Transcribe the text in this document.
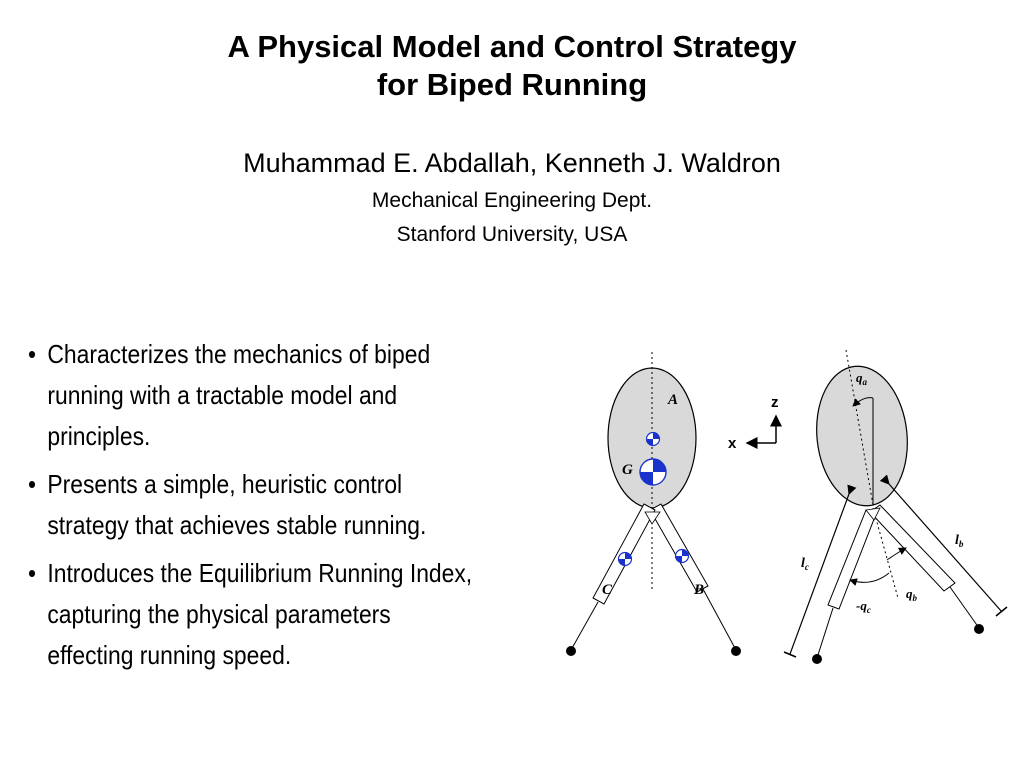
A Physical Model and Control Strategy
for Biped Running
Muhammad E. Abdallah, Kenneth J. Waldron
Mechanical Engineering Dept.
Stanford University, USA
• Characterizes the mechanics of biped
running with a tractable model and
principles.
• Presents a simple, heuristic control
strategy that achieves stable running.
• Introduces the Equilibrium Running Index,
capturing the physical parameters
effecting running speed.
A
G
C	B
z
x
$q_a$
$l_b$
$l_c$
$q_b$
$-q_c$
